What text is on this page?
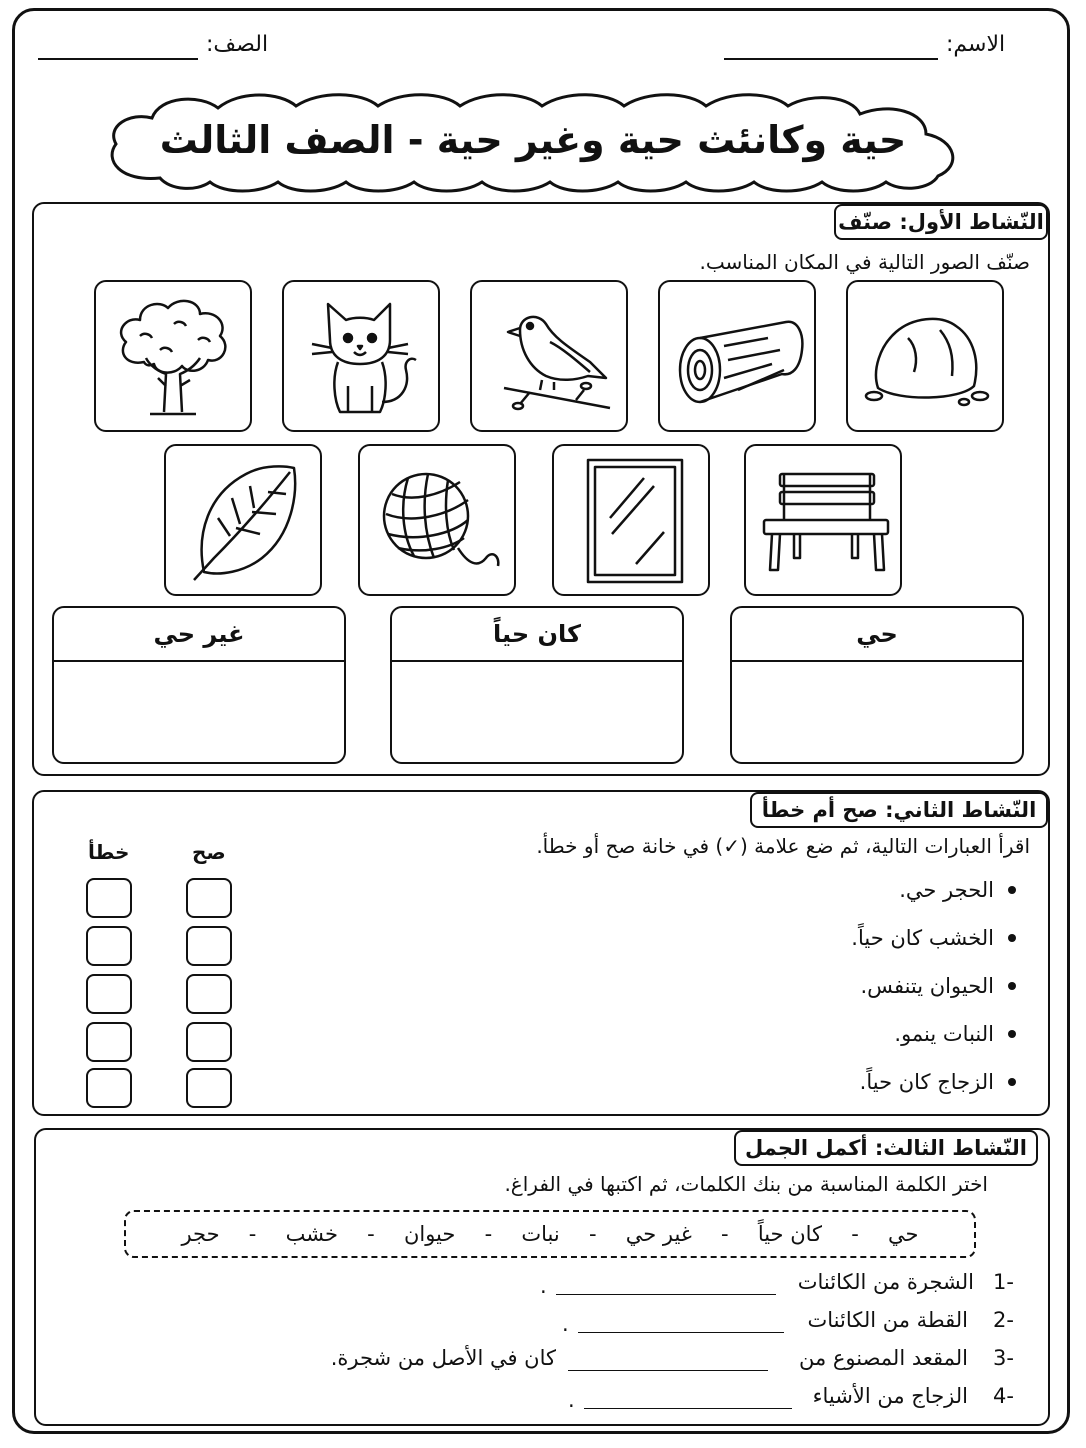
الاسم:
الصف:
حية وكانئث حية وغير حية - الصف الثالث
النّشاط الأول: صنّف
صنّف الصور التالية في المكان المناسب.
حي
كان حياً
غير حي
النّشاط الثاني: صح أم خطأ
اقرأ العبارات التالية، ثم ضع علامة (✓) في خانة صح أو خطأ.
صح
خطأ
الحجر حي.
الخشب كان حياً.
الحيوان يتنفس.
النبات ينمو.
الزجاج كان حياً.
النّشاط الثالث: أكمل الجمل
اختر الكلمة المناسبة من بنك الكلمات، ثم اكتبها في الفراغ.
حي
-
كان حياً
-
غير حي
-
نبات
-
حيوان
-
خشب
-
حجر
1-
الشجرة من الكائنات
.
2-
القطة من الكائنات
.
3-
المقعد المصنوع من
كان في الأصل من شجرة.
4-
الزجاج من الأشياء
.
